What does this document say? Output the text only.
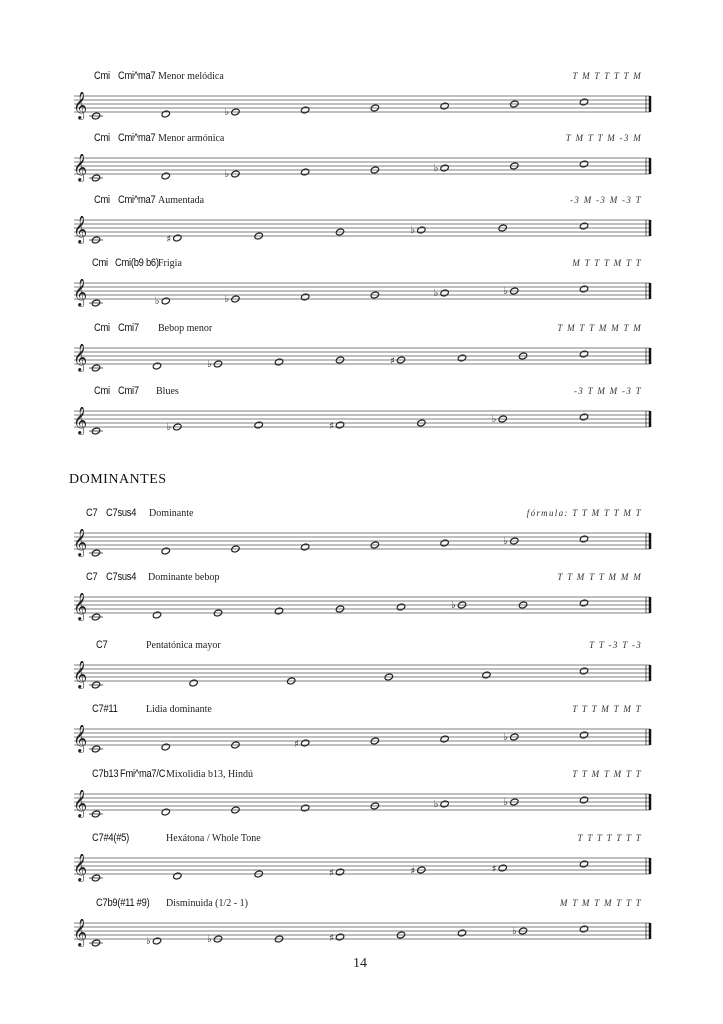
Cmi Cmi^ma7 Menor melódica	T M T T T T M
𝄞	♭
Cmi Cmi^ma7 Menor armónica	T M T T M -3 M
𝄞	♭
♭
Cmi Cmi^ma7 Aumentada	-3 M -3 M -3 T
𝄞	♯
♭
Cmi Cmi(b9 b6) Frigia	M T T T M T T
𝄞	♭	♭
♭	♭
Cmi Cmi7 Bebop menor	T M T T M M T M
𝄞	♭	♯
Cmi Cmi7 Blues	-3 T M M -3 T
𝄞	♭	♯
♭
DOMINANTES
C7 C7sus4 Dominante	fórmula: T T M T T M T
𝄞	♭
C7 C7sus4 Dominante bebop	T T M T T M M M
𝄞	♭
C7	Pentatónica mayor	T T -3 T -3
𝄞
C7#11	Lidia dominante	T T T M T M T
𝄞	♯
♭
C7b13 Fmi^ma7/C Mixolidia b13, Hindú	T T M T M T T
𝄞	♭	♭
C7#4(#5)	Hexátona / Whole Tone	T T T T T T T
𝄞	♯	♯	♯
C7b9(#11 #9) Disminuida (1/2 - 1)	M T M T M T T T
𝄞	♭	♭	♯
♭
14
